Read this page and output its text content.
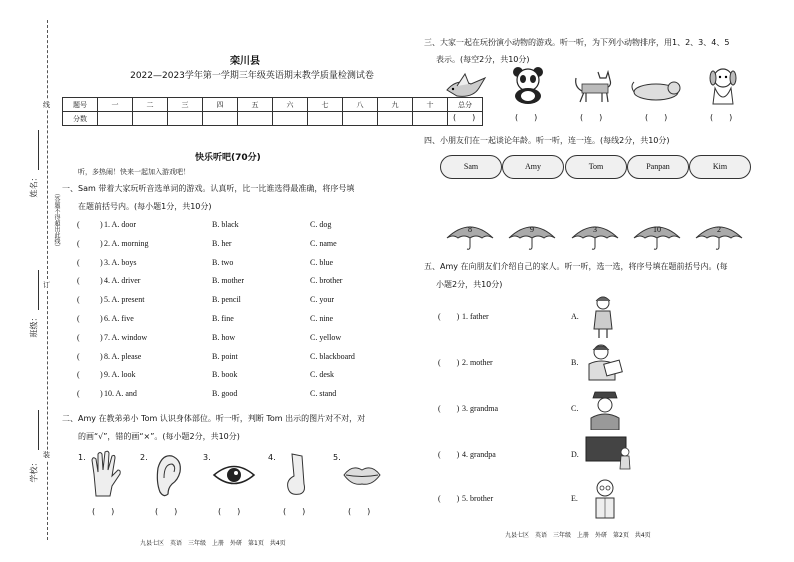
姓名：
班级：
学校：
线
订
装
（答题不得超出此线）
栾川县
2022—2023学年第一学期三年级英语期末教学质量检测试卷
题号	一	二	三	四	五	六	七	八	九	十	总分
分数											
快乐听吧(70分)
听，多热闹！快来一起加入游戏吧！
一、Sam 带着大家玩听音选单词的游戏。认真听，比一比谁选得最准确，将序号填
在题前括号内。(每小题1分，共10分)
(	) 1. A. door	B. black	C. dog
(	) 2. A. morning	B. her	C. name
(	) 3. A. boys	B. two	C. blue
(	) 4. A. driver	B. mother	C. brother
(	) 5. A. present	B. pencil	C. your
(	) 6. A. five	B. fine	C. nine
(	) 7. A. window	B. how	C. yellow
(	) 8. A. please	B. point	C. blackboard
(	) 9. A. look	B. book	C. desk
(	) 10. A. and	B. good	C. stand
二、Amy 在教弟弟小 Tom 认识身体部位。听一听，判断 Tom 出示的图片对不对，对
的画“√”，错的画“×”。(每小题2分，共10分)
1.	2.	3.	4.	5.
(　　)	(　　)	(　　)	(　　)	(　　)
九县七区　英语　三年级　上册　外研　第1页　共4页
三、大家一起在玩扮演小动物的游戏。听一听，为下列小动物排序，用1、2、3、4、5
表示。(每空2分，共10分)
(　　)	(　　)	(　　)	(　　)	(　　)
四、小朋友们在一起谈论年龄。听一听，连一连。(每线2分，共10分)
Sam	Amy	Tom	Panpan	Kim
8	9	3	10	2
五、Amy 在向朋友们介绍自己的家人。听一听，选一选，将序号填在题前括号内。(每
小题2分，共10分)
(　　) 1. father	A.
(　　) 2. mother	B.
(　　) 3. grandma	C.
(　　) 4. grandpa	D.
(　　) 5. brother	E.
九县七区　英语　三年级　上册　外研　第2页　共4页
